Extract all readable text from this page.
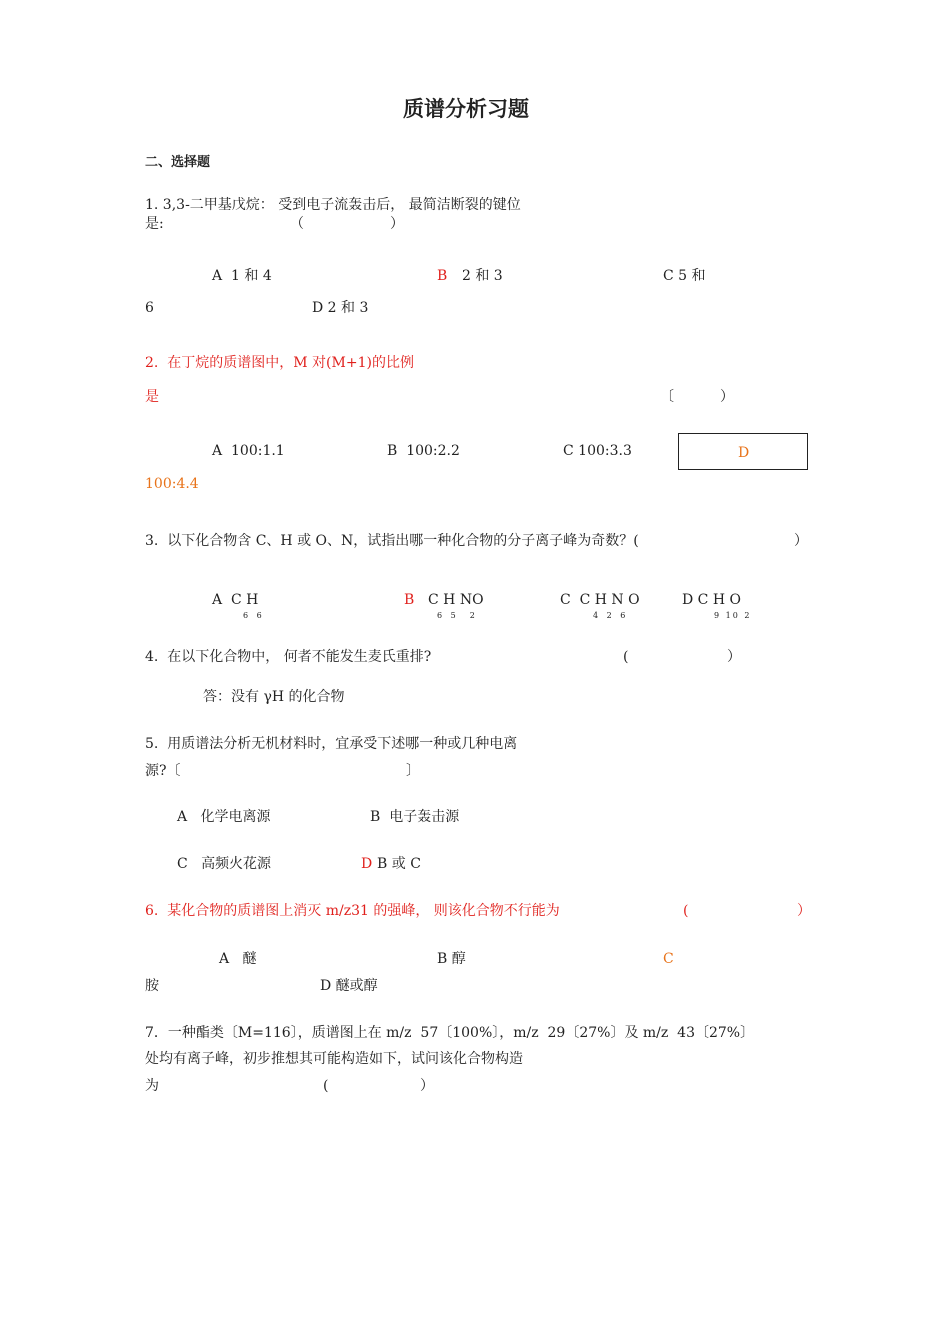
质谱分析习题
二、选择题
1. 3,3-二甲基戊烷： 受到电子流轰击后， 最简洁断裂的键位
是:	（	）
A  1 和 4	B 2 和 3	C 5 和
6	D 2 和 3
2.  在丁烷的质谱图中，M 对(M+1)的比例
是	〔	）
A  100:1.1	B  100:2.2	C 100:3.3	D
100:4.4
3.  以下化合物含 C、H 或 O、N，试指出哪一种化合物的分子离子峰为奇数？(	）
A  C H
6 6
B C H NO
6 5  2
C  C H N O
4 2 6
D C H O
9 10 2
4.  在以下化合物中， 何者不能发生麦氏重排?	(	）
答：没有 γH 的化合物
5.  用质谱法分析无机材料时，宜承受下述哪一种或几种电离
源?〔	〕
A   化学电离源	B  电子轰击源
C   高频火花源	D B 或 C
6.  某化合物的质谱图上消灭 m/z31 的强峰， 则该化合物不行能为	(	）
A   醚	B 醇	C
胺	D 醚或醇
7．一种酯类〔M=116〕，质谱图上在 m/z  57〔100%〕，m/z  29〔27%〕及 m/z  43〔27%〕
处均有离子峰，初步推想其可能构造如下，试问该化合物构造
为	(	）
